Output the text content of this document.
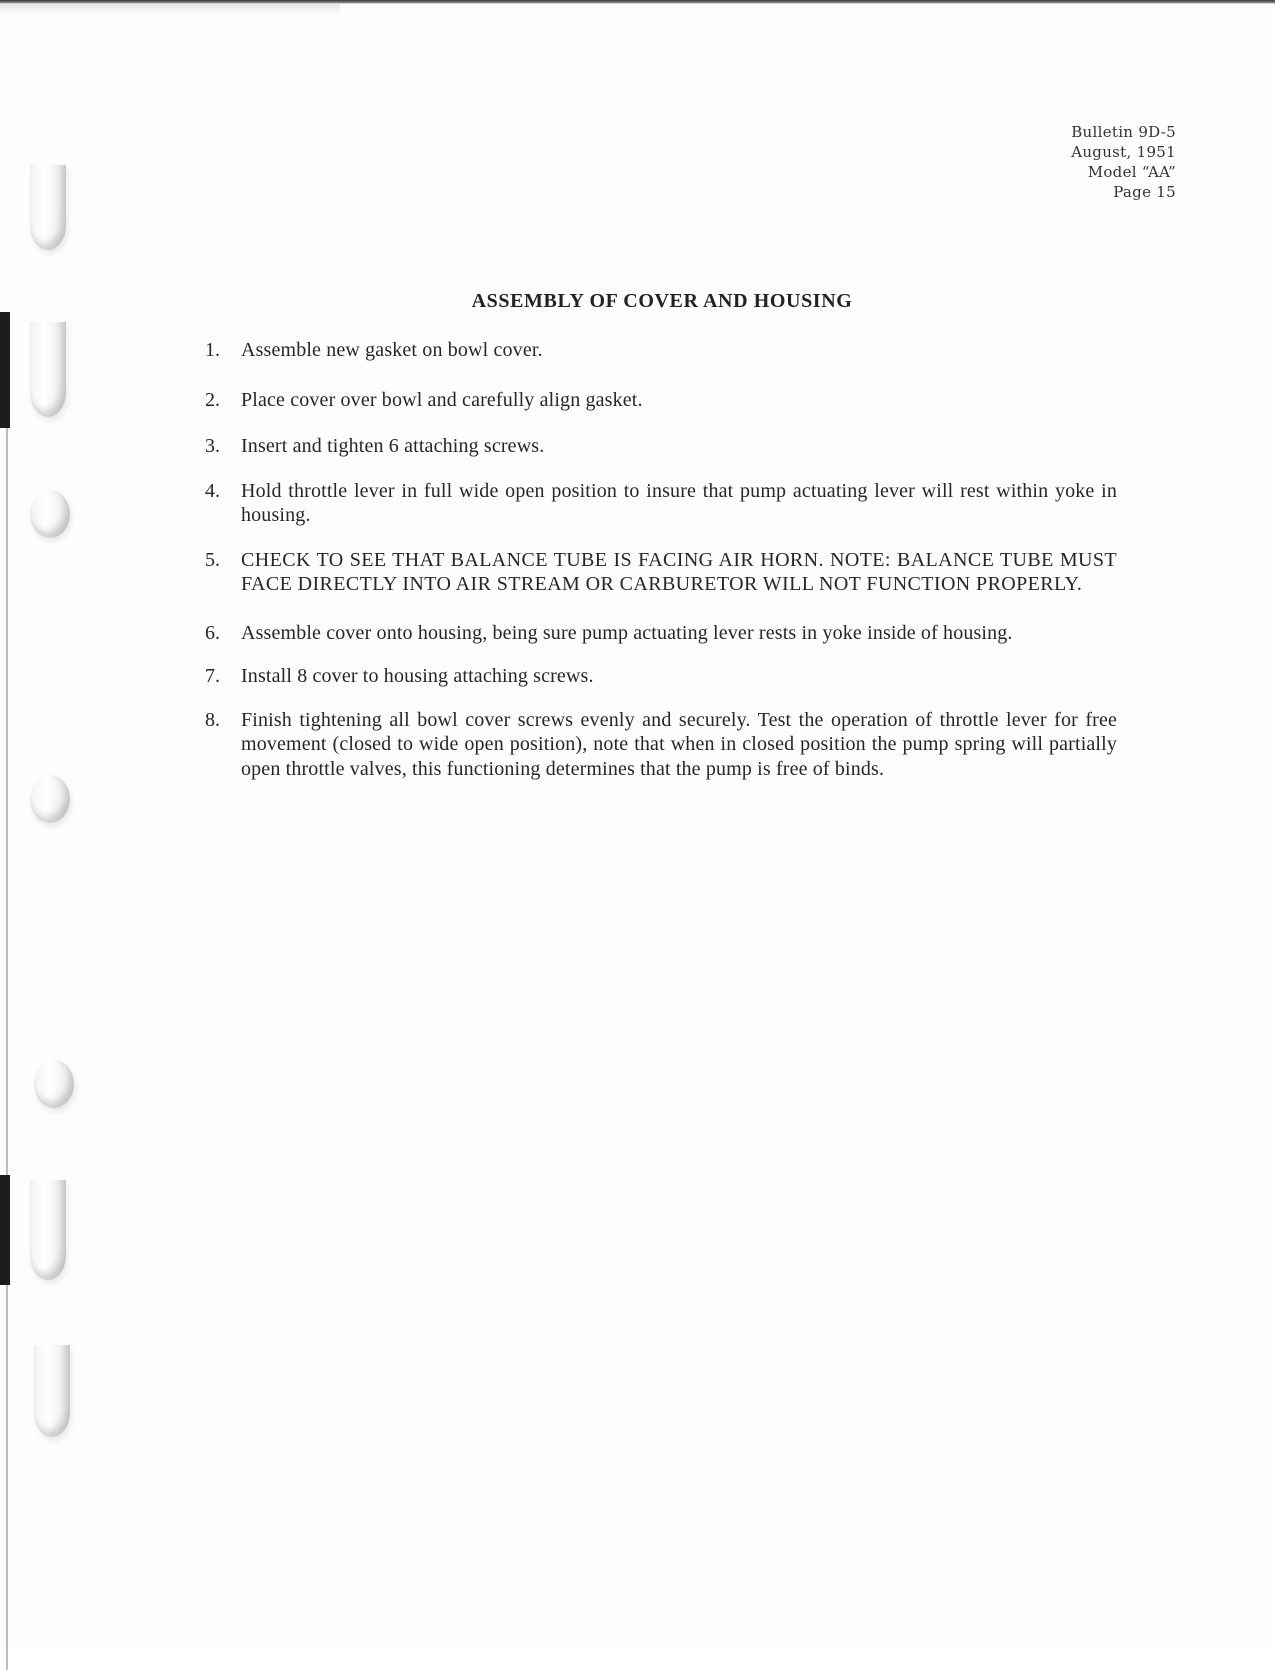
Bulletin 9D-5
August, 1951
Model “AA”
Page 15
ASSEMBLY OF COVER AND HOUSING
1.	Assemble new gasket on bowl cover.
2.	Place cover over bowl and carefully align gasket.
3.	Insert and tighten 6 attaching screws.
4.	Hold throttle lever in full wide open position to insure that pump actuating lever will rest within yoke in housing.
5.	CHECK TO SEE THAT BALANCE TUBE IS FACING AIR HORN. NOTE: BALANCE TUBE MUST FACE DIRECTLY INTO AIR STREAM OR CARBURETOR WILL NOT FUNCTION PROPERLY.
6.	Assemble cover onto housing, being sure pump actuating lever rests in yoke inside of housing.
7.	Install 8 cover to housing attaching screws.
8.	Finish tightening all bowl cover screws evenly and securely. Test the operation of throttle lever for free movement (closed to wide open position), note that when in closed position the pump spring will partially open throttle valves, this functioning determines that the pump is free of binds.
